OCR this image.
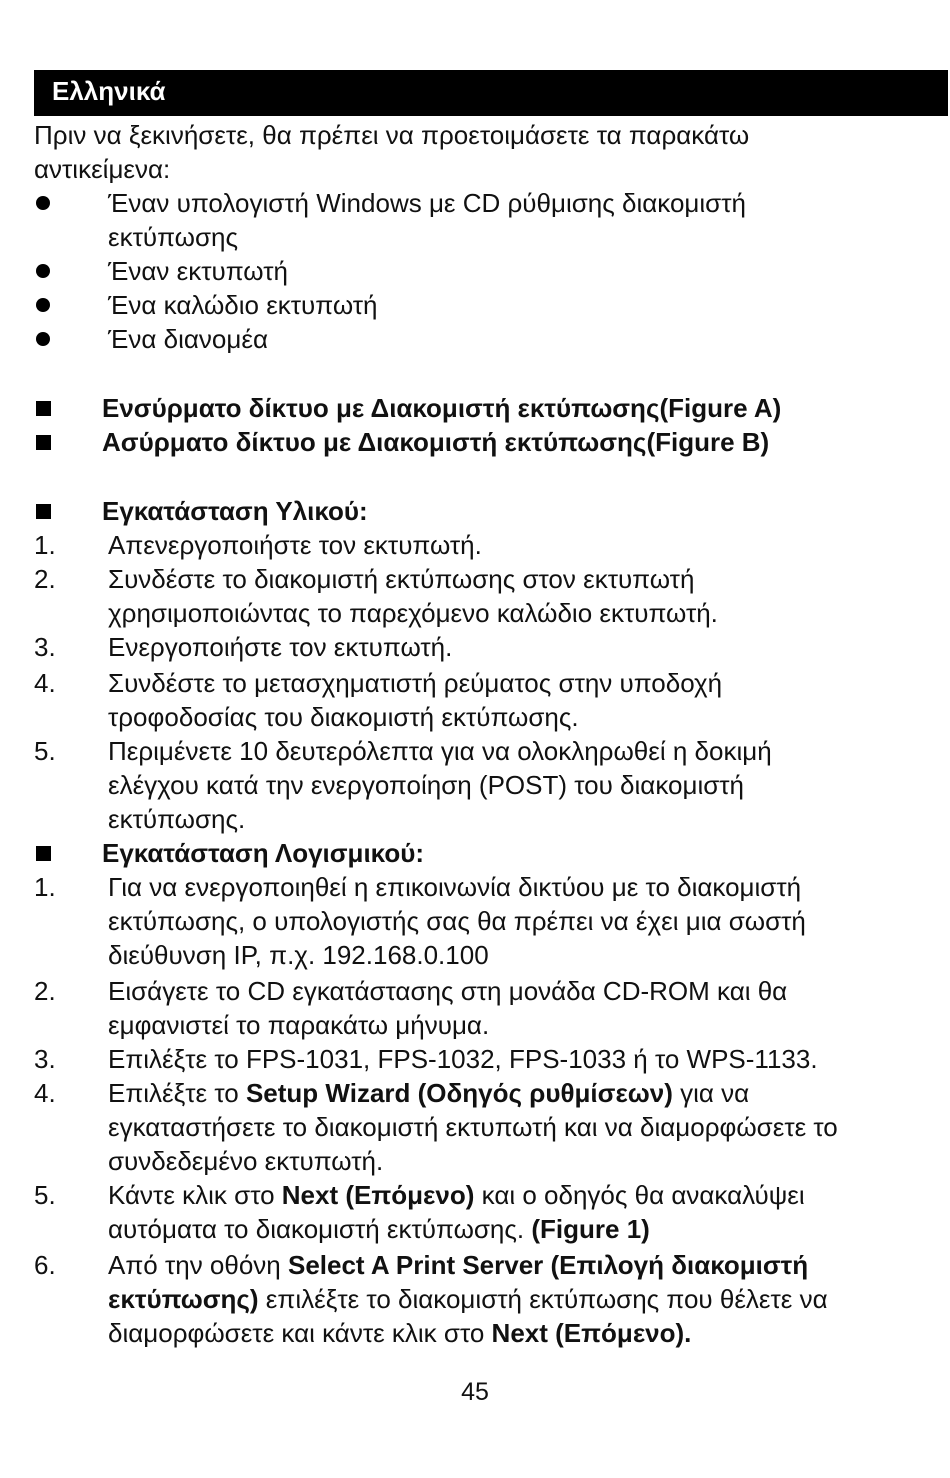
Ελληνικά
Πριν να ξεκινήσετε, θα πρέπει να προετοιμάσετε τα παρακάτω
αντικείμενα:
Έναν υπολογιστή Windows με CD ρύθμισης διακομιστή
εκτύπωσης
Έναν εκτυπωτή
Ένα καλώδιο εκτυπωτή
Ένα διανομέα
Ενσύρματο δίκτυο με Διακομιστή εκτύπωσης(Figure A)
Ασύρματο δίκτυο με Διακομιστή εκτύπωσης(Figure B)
Εγκατάσταση Υλικού:
1. Απενεργοποιήστε τον εκτυπωτή.
2. Συνδέστε το διακομιστή εκτύπωσης στον εκτυπωτή
χρησιμοποιώντας το παρεχόμενο καλώδιο εκτυπωτή.
3. Ενεργοποιήστε τον εκτυπωτή.
4. Συνδέστε το μετασχηματιστή ρεύματος στην υποδοχή
τροφοδοσίας του διακομιστή εκτύπωσης.
5. Περιμένετε 10 δευτερόλεπτα για να ολοκληρωθεί η δοκιμή
ελέγχου κατά την ενεργοποίηση (POST) του διακομιστή
εκτύπωσης.
Εγκατάσταση Λογισμικού:
1. Για να ενεργοποιηθεί η επικοινωνία δικτύου με το διακομιστή
εκτύπωσης, ο υπολογιστής σας θα πρέπει να έχει μια σωστή
διεύθυνση IP, π.χ. 192.168.0.100
2. Εισάγετε το CD εγκατάστασης στη μονάδα CD-ROM και θα
εμφανιστεί το παρακάτω μήνυμα.
3. Επιλέξτε το FPS-1031, FPS-1032, FPS-1033 ή το WPS-1133.
4. Επιλέξτε το Setup Wizard (Οδηγός ρυθμίσεων) για να
εγκαταστήσετε το διακομιστή εκτυπωτή και να διαμορφώσετε το
συνδεδεμένο εκτυπωτή.
5. Κάντε κλικ στο Next (Επόμενο) και ο οδηγός θα ανακαλύψει
αυτόματα το διακομιστή εκτύπωσης. (Figure 1)
6. Από την οθόνη Select A Print Server (Επιλογή διακομιστή
εκτύπωσης) επιλέξτε το διακομιστή εκτύπωσης που θέλετε να
διαμορφώσετε και κάντε κλικ στο Next (Επόμενο).
45
